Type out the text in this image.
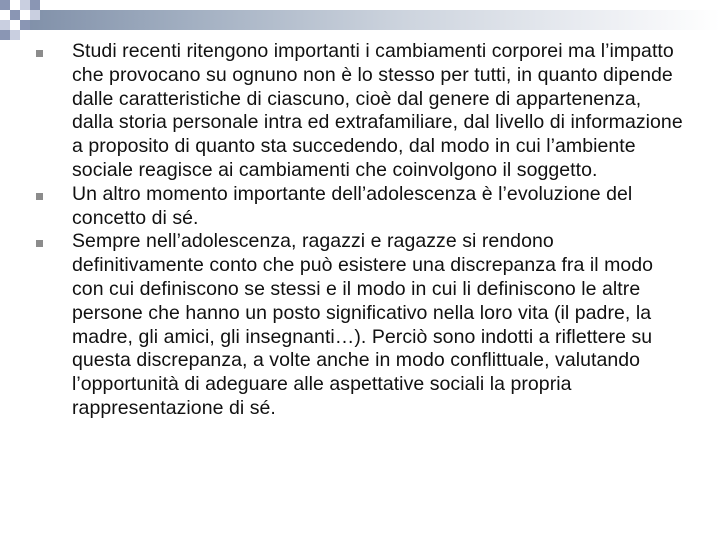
Studi recenti ritengono importanti i cambiamenti corporei ma l’impatto che provocano su ognuno non è lo stesso per tutti, in quanto dipende dalle caratteristiche di ciascuno, cioè dal genere di appartenenza, dalla storia personale intra ed extrafamiliare, dal livello di informazione a proposito di quanto sta succedendo, dal modo in cui l’ambiente sociale reagisce ai cambiamenti che coinvolgono il soggetto.
Un altro momento importante dell’adolescenza è l’evoluzione del concetto di sé.
Sempre nell’adolescenza, ragazzi e ragazze si rendono definitivamente conto che può esistere una discrepanza fra il modo con cui definiscono se stessi e il modo in cui li definiscono le altre persone che hanno un posto significativo nella loro vita (il padre, la madre, gli amici, gli insegnanti…). Perciò sono indotti a riflettere su questa discrepanza, a volte anche in modo conflittuale, valutando l’opportunità di adeguare alle aspettative sociali la propria rappresentazione di sé.
